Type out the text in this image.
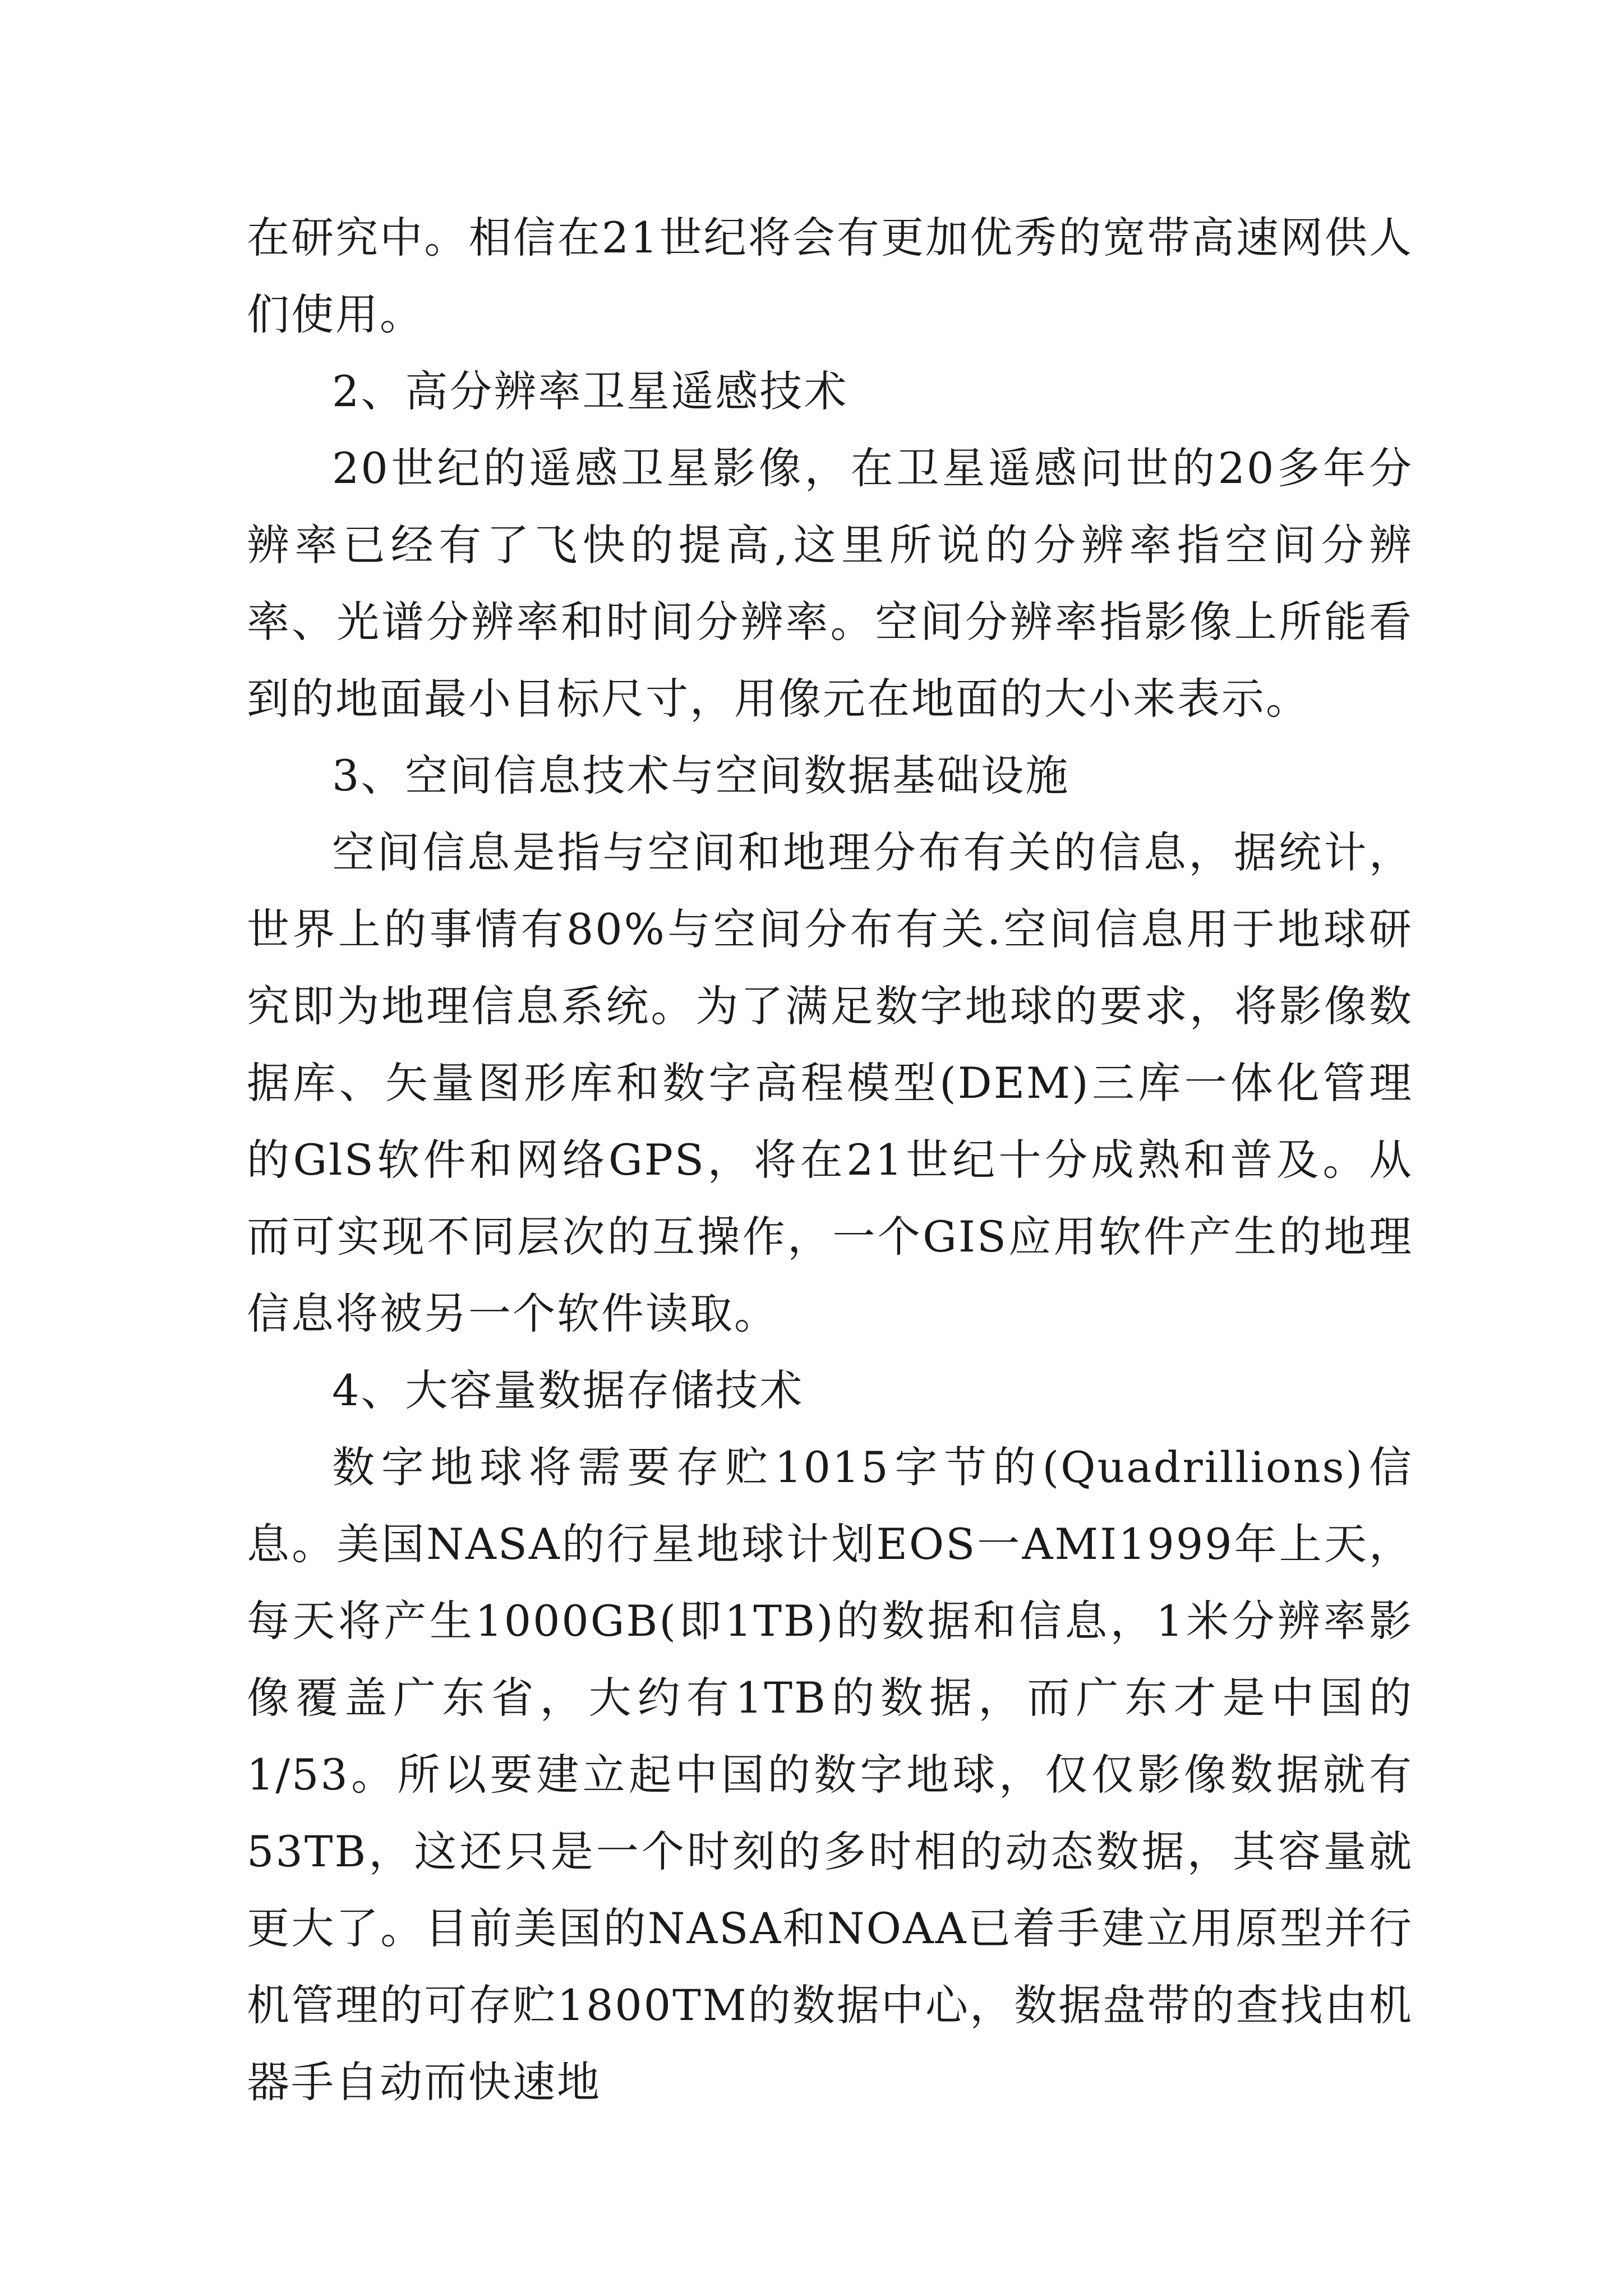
在研究中。相信在21世纪将会有更加优秀的宽带高速网供人们使用。

2、高分辨率卫星遥感技术

20世纪的遥感卫星影像，在卫星遥感问世的20多年分辨率已经有了飞快的提高,这里所说的分辨率指空间分辨率、光谱分辨率和时间分辨率。空间分辨率指影像上所能看到的地面最小目标尺寸，用像元在地面的大小来表示。

3、空间信息技术与空间数据基础设施

空间信息是指与空间和地理分布有关的信息，据统计，世界上的事情有80%与空间分布有关.空间信息用于地球研究即为地理信息系统。为了满足数字地球的要求，将影像数据库、矢量图形库和数字高程模型(DEM)三库一体化管理的GlS软件和网络GPS，将在21世纪十分成熟和普及。从而可实现不同层次的互操作，一个GIS应用软件产生的地理信息将被另一个软件读取。

4、大容量数据存储技术

数字地球将需要存贮1015字节的(Quadrillions)信息。美国NASA的行星地球计划EOS一AMI1999年上天，每天将产生1000GB(即1TB)的数据和信息，1米分辨率影像覆盖广东省，大约有1TB的数据，而广东才是中国的1/53。所以要建立起中国的数字地球，仅仅影像数据就有53TB，这还只是一个时刻的多时相的动态数据，其容量就更大了。目前美国的NASA和NOAA已着手建立用原型并行机管理的可存贮1800TM的数据中心，数据盘带的查找由机器手自动而快速地
